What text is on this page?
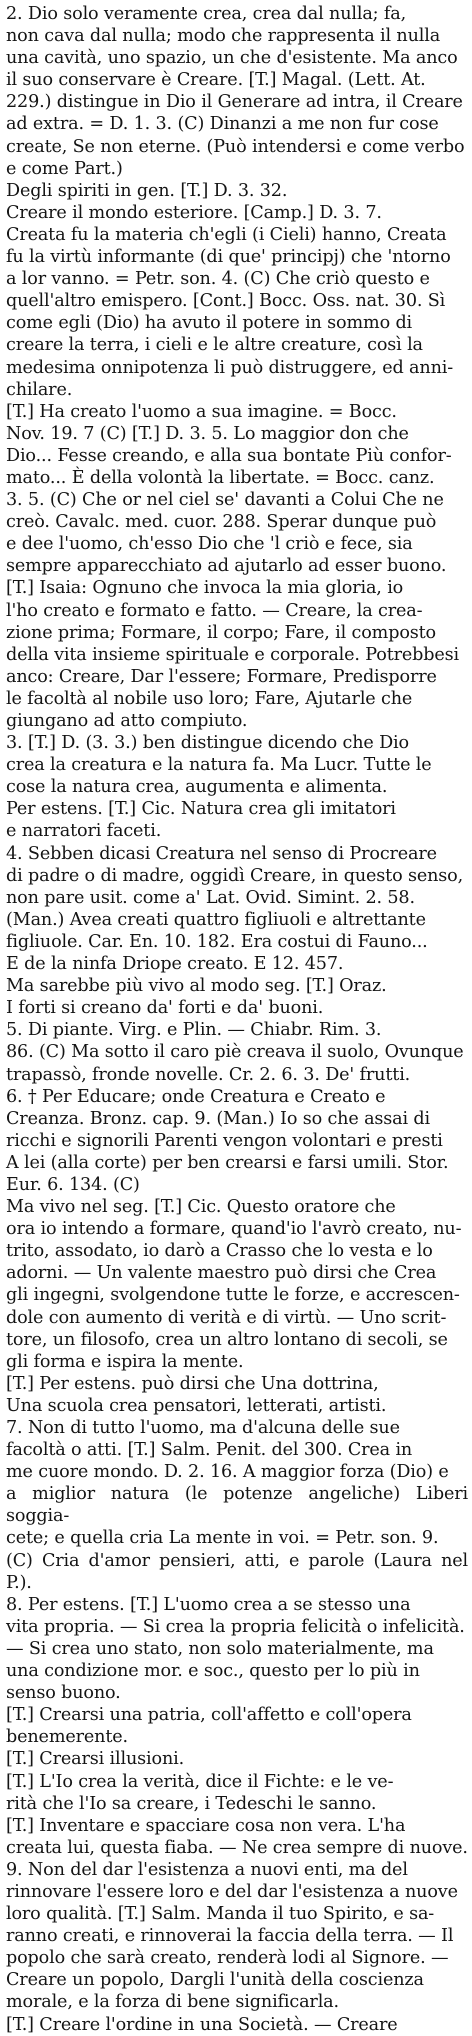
2. Dio solo veramente crea, crea dal nulla; fa,
non cava dal nulla; modo che rappresenta il nulla
una cavità, uno spazio, un che d'esistente. Ma anco
il suo conservare è Creare. [T.] Magal. (Lett. At.
229.) distingue in Dio il Generare ad intra, il Creare
ad extra. = D. 1. 3. (C) Dinanzi a me non fur cose
create, Se non eterne. (Può intendersi e come verbo
e come Part.)

Degli spiriti in gen. [T.] D. 3. 32.

Creare il mondo esteriore. [Camp.] D. 3. 7.
Creata fu la materia ch'egli (i Cieli) hanno, Creata
fu la virtù informante (di que' principj) che 'ntorno
a lor vanno. = Petr. son. 4. (C) Che criò questo e
quell'altro emispero. [Cont.] Bocc. Oss. nat. 30. Sì
come egli (Dio) ha avuto il potere in sommo di
creare la terra, i cieli e le altre creature, così la
medesima onnipotenza li può distruggere, ed anni-
chilare.

[T.] Ha creato l'uomo a sua imagine. = Bocc.
Nov. 19. 7 (C) [T.] D. 3. 5. Lo maggior don che
Dio... Fesse creando, e alla sua bontate Più confor-
mato... È della volontà la libertate. = Bocc. canz.
3. 5. (C) Che or nel ciel se' davanti a Colui Che ne
creò. Cavalc. med. cuor. 288. Sperar dunque può
e dee l'uomo, ch'esso Dio che 'l criò e fece, sia
sempre apparecchiato ad ajutarlo ad esser buono.
[T.] Isaia: Ognuno che invoca la mia gloria, io
l'ho creato e formato e fatto. — Creare, la crea-
zione prima; Formare, il corpo; Fare, il composto
della vita insieme spirituale e corporale. Potrebbesi
anco: Creare, Dar l'essere; Formare, Predisporre
le facoltà al nobile uso loro; Fare, Ajutarle che
giungano ad atto compiuto.

3. [T.] D. (3. 3.) ben distingue dicendo che Dio
crea la creatura e la natura fa. Ma Lucr. Tutte le
cose la natura crea, augumenta e alimenta.

Per estens. [T.] Cic. Natura crea gli imitatori
e narratori faceti.

4. Sebben dicasi Creatura nel senso di Procreare
di padre o di madre, oggidì Creare, in questo senso,
non pare usit. come a' Lat. Ovid. Simint. 2. 58.
(Man.) Avea creati quattro figliuoli e altrettante
figliuole. Car. En. 10. 182. Era costui di Fauno...
E de la ninfa Driope creato. E 12. 457.

Ma sarebbe più vivo al modo seg. [T.] Oraz.
I forti si creano da' forti e da' buoni.

5. Di piante. Virg. e Plin. — Chiabr. Rim. 3.
86. (C) Ma sotto il caro piè creava il suolo, Ovunque
trapassò, fronde novelle. Cr. 2. 6. 3. De' frutti.

6. † Per Educare; onde Creatura e Creato e
Creanza. Bronz. cap. 9. (Man.) Io so che assai di
ricchi e signorili Parenti vengon volontari e presti
A lei (alla corte) per ben crearsi e farsi umili. Stor.
Eur. 6. 134. (C)

Ma vivo nel seg. [T.] Cic. Questo oratore che
ora io intendo a formare, quand'io l'avrò creato, nu-
trito, assodato, io darò a Crasso che lo vesta e lo
adorni. — Un valente maestro può dirsi che Crea
gli ingegni, svolgendone tutte le forze, e accrescen-
dole con aumento di verità e di virtù. — Uno scrit-
tore, un filosofo, crea un altro lontano di secoli, se
gli forma e ispira la mente.

[T.] Per estens. può dirsi che Una dottrina,
Una scuola crea pensatori, letterati, artisti.

7. Non di tutto l'uomo, ma d'alcuna delle sue
facoltà o atti. [T.] Salm. Penit. del 300. Crea in
me cuore mondo. D. 2. 16. A maggior forza (Dio) e
a miglior natura (le potenze angeliche) Liberi soggia-
cete; e quella cria La mente in voi. = Petr. son. 9.
(C) Cria d'amor pensieri, atti, e parole (Laura nel P.).

8. Per estens. [T.] L'uomo crea a se stesso una
vita propria. — Si crea la propria felicità o infelicità.
— Si crea uno stato, non solo materialmente, ma
una condizione mor. e soc., questo per lo più in
senso buono.

[T.] Crearsi una patria, coll'affetto e coll'opera
benemerente.

[T.] Crearsi illusioni.

[T.] L'Io crea la verità, dice il Fichte: e le ve-
rità che l'Io sa creare, i Tedeschi le sanno.

[T.] Inventare e spacciare cosa non vera. L'ha
creata lui, questa fiaba. — Ne crea sempre di nuove.

9. Non del dar l'esistenza a nuovi enti, ma del
rinnovare l'essere loro e del dar l'esistenza a nuove
loro qualità. [T.] Salm. Manda il tuo Spirito, e sa-
ranno creati, e rinnoverai la faccia della terra. — Il
popolo che sarà creato, renderà lodi al Signore. —
Creare un popolo, Dargli l'unità della coscienza
morale, e la forza di bene significarla.

[T.] Creare l'ordine in una Società. — Creare
